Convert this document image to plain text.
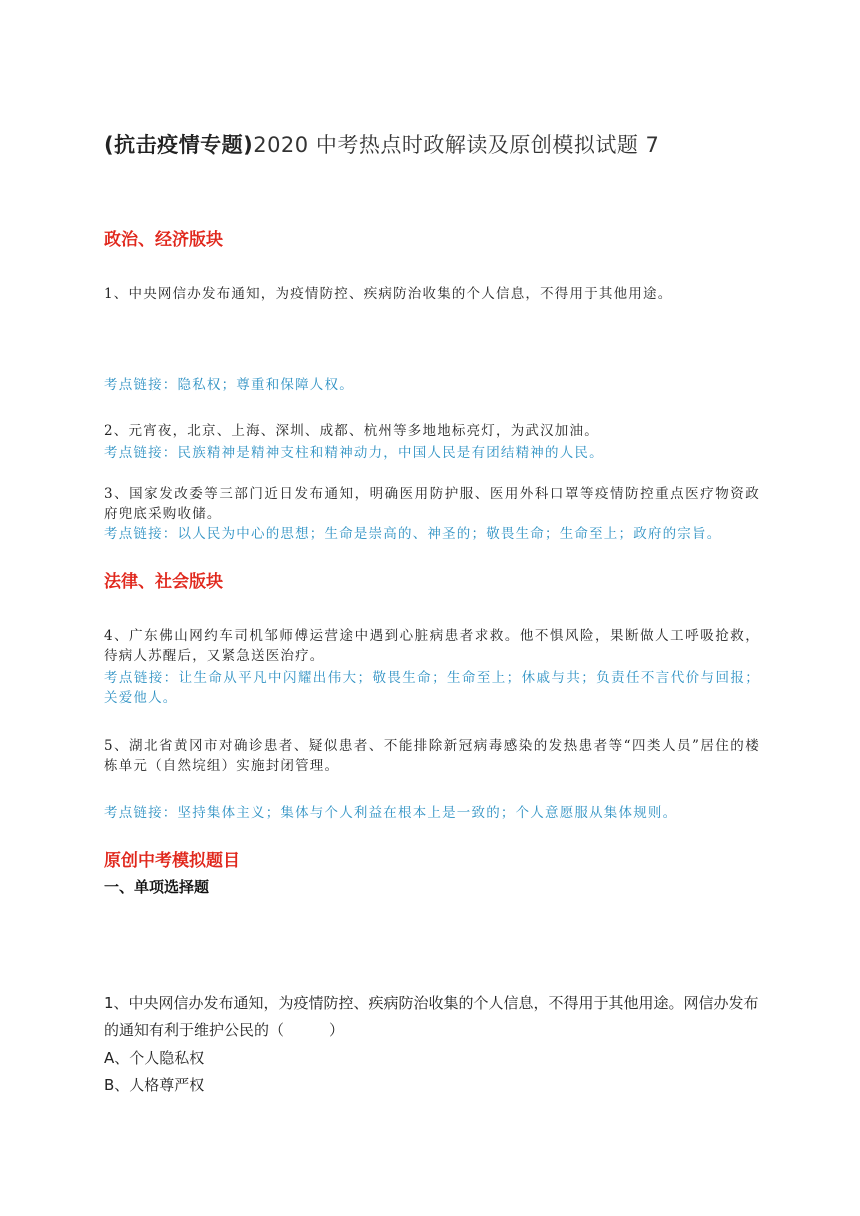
(抗击疫情专题)2020 中考热点时政解读及原创模拟试题 7
政治、经济版块
1、中央网信办发布通知，为疫情防控、疾病防治收集的个人信息，不得用于其他用途。
考点链接：隐私权；尊重和保障人权。
2、元宵夜，北京、上海、深圳、成都、杭州等多地地标亮灯，为武汉加油。
考点链接：民族精神是精神支柱和精神动力，中国人民是有团结精神的人民。
3、国家发改委等三部门近日发布通知，明确医用防护服、医用外科口罩等疫情防控重点医疗物资政府兜底采购收储。
考点链接：以人民为中心的思想；生命是崇高的、神圣的；敬畏生命；生命至上；政府的宗旨。
法律、社会版块
4、广东佛山网约车司机邹师傅运营途中遇到心脏病患者求救。他不惧风险，果断做人工呼吸抢救，待病人苏醒后，又紧急送医治疗。
考点链接：让生命从平凡中闪耀出伟大；敬畏生命；生命至上；休戚与共；负责任不言代价与回报；关爱他人。
5、湖北省黄冈市对确诊患者、疑似患者、不能排除新冠病毒感染的发热患者等“四类人员”居住的楼栋单元（自然垸组）实施封闭管理。
考点链接：坚持集体主义；集体与个人利益在根本上是一致的；个人意愿服从集体规则。
原创中考模拟题目
一、单项选择题
1、中央网信办发布通知，为疫情防控、疾病防治收集的个人信息，不得用于其他用途。网信办发布的通知有利于维护公民的（　　　）
A、个人隐私权
B、人格尊严权
